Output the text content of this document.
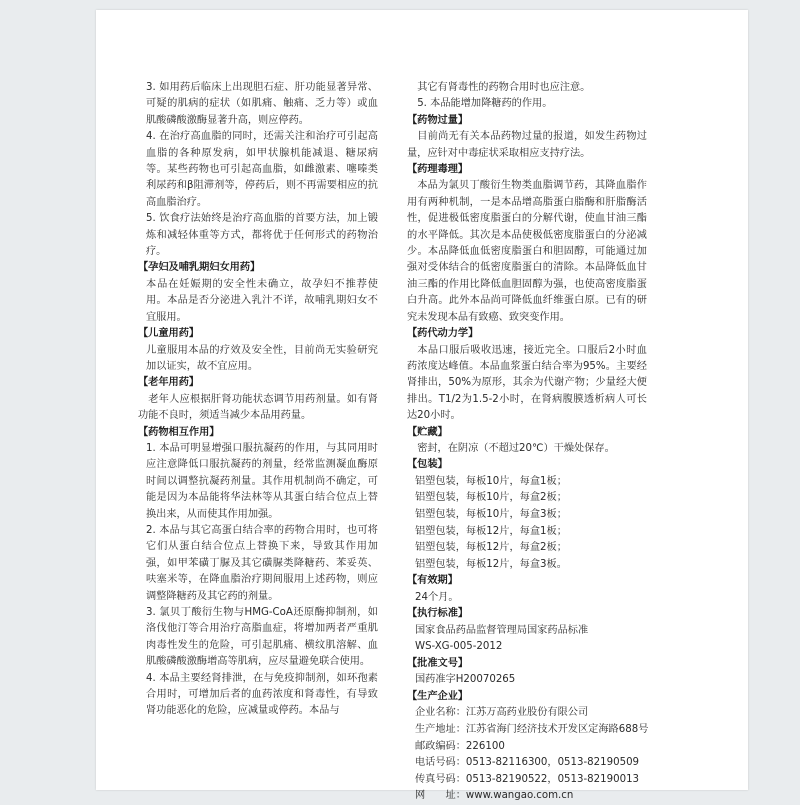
3. 如用药后临床上出现胆石症、肝功能显著异常、可疑的肌病的症状（如肌痛、触痛、乏力等）或血肌酸磷酸激酶显著升高，则应停药。

4. 在治疗高血脂的同时，还需关注和治疗可引起高血脂的各种原发病，如甲状腺机能减退、糖尿病等。某些药物也可引起高血脂，如雌激素、噻嗪类利尿药和β阻滞剂等，停药后，则不再需要相应的抗高血脂治疗。

5. 饮食疗法始终是治疗高血脂的首要方法，加上锻炼和减轻体重等方式，都将优于任何形式的药物治疗。

【孕妇及哺乳期妇女用药】

本品在妊娠期的安全性未确立，故孕妇不推荐使用。本品是否分泌进入乳汁不详，故哺乳期妇女不宜服用。

【儿童用药】

儿童服用本品的疗效及安全性，目前尚无实验研究加以证实，故不宜应用。

【老年用药】

老年人应根据肝肾功能状态调节用药剂量。如有肾功能不良时，须适当减少本品用药量。

【药物相互作用】

1. 本品可明显增强口服抗凝药的作用，与其同用时应注意降低口服抗凝药的剂量，经常监测凝血酶原时间以调整抗凝药剂量。其作用机制尚不确定，可能是因为本品能将华法林等从其蛋白结合位点上替换出来，从而使其作用加强。

2. 本品与其它高蛋白结合率的药物合用时，也可将它们从蛋白结合位点上替换下来，导致其作用加强，如甲苯磺丁脲及其它磺脲类降糖药、苯妥英、呋塞米等，在降血脂治疗期间服用上述药物，则应调整降糖药及其它药的剂量。

3. 氯贝丁酸衍生物与HMG-CoA还原酶抑制剂，如洛伐他汀等合用治疗高脂血症，将增加两者严重肌肉毒性发生的危险，可引起肌痛、横纹肌溶解、血肌酸磷酸激酶增高等肌病，应尽量避免联合使用。

4. 本品主要经肾排泄，在与免疫抑制剂，如环孢素合用时，可增加后者的血药浓度和肾毒性，有导致肾功能恶化的危险，应减量或停药。本品与

其它有肾毒性的药物合用时也应注意。

5. 本品能增加降糖药的作用。

【药物过量】

目前尚无有关本品药物过量的报道，如发生药物过量，应针对中毒症状采取相应支持疗法。

【药理毒理】

本品为氯贝丁酸衍生物类血脂调节药，其降血脂作用有两种机制，一是本品增高脂蛋白脂酶和肝脂酶活性，促进极低密度脂蛋白的分解代谢，使血甘油三酯的水平降低。其次是本品使极低密度脂蛋白的分泌减少。本品降低血低密度脂蛋白和胆固醇，可能通过加强对受体结合的低密度脂蛋白的清除。本品降低血甘油三酯的作用比降低血胆固醇为强，也使高密度脂蛋白升高。此外本品尚可降低血纤维蛋白原。已有的研究未发现本品有致癌、致突变作用。

【药代动力学】

本品口服后吸收迅速，接近完全。口服后2小时血药浓度达峰值。本品血浆蛋白结合率为95%。主要经肾排出，50%为原形，其余为代谢产物；少量经大便排出。T1/2为1.5-2小时，在肾病腹膜透析病人可长达20小时。

【贮藏】

密封，在阴凉（不超过20℃）干燥处保存。

【包装】

铝塑包装，每板10片，每盒1板；

铝塑包装，每板10片，每盒2板；

铝塑包装，每板10片，每盒3板；

铝塑包装，每板12片，每盒1板；

铝塑包装，每板12片，每盒2板；

铝塑包装，每板12片，每盒3板。

【有效期】

24个月。

【执行标准】

国家食品药品监督管理局国家药品标准

WS-XG-005-2012

【批准文号】

国药准字H20070265

【生产企业】

企业名称：江苏万高药业股份有限公司

生产地址：江苏省海门经济技术开发区定海路688号

邮政编码：226100

电话号码：0513-82116300，0513-82190509

传真号码：0513-82190522，0513-82190013

网　　址：www.wangao.com.cn
